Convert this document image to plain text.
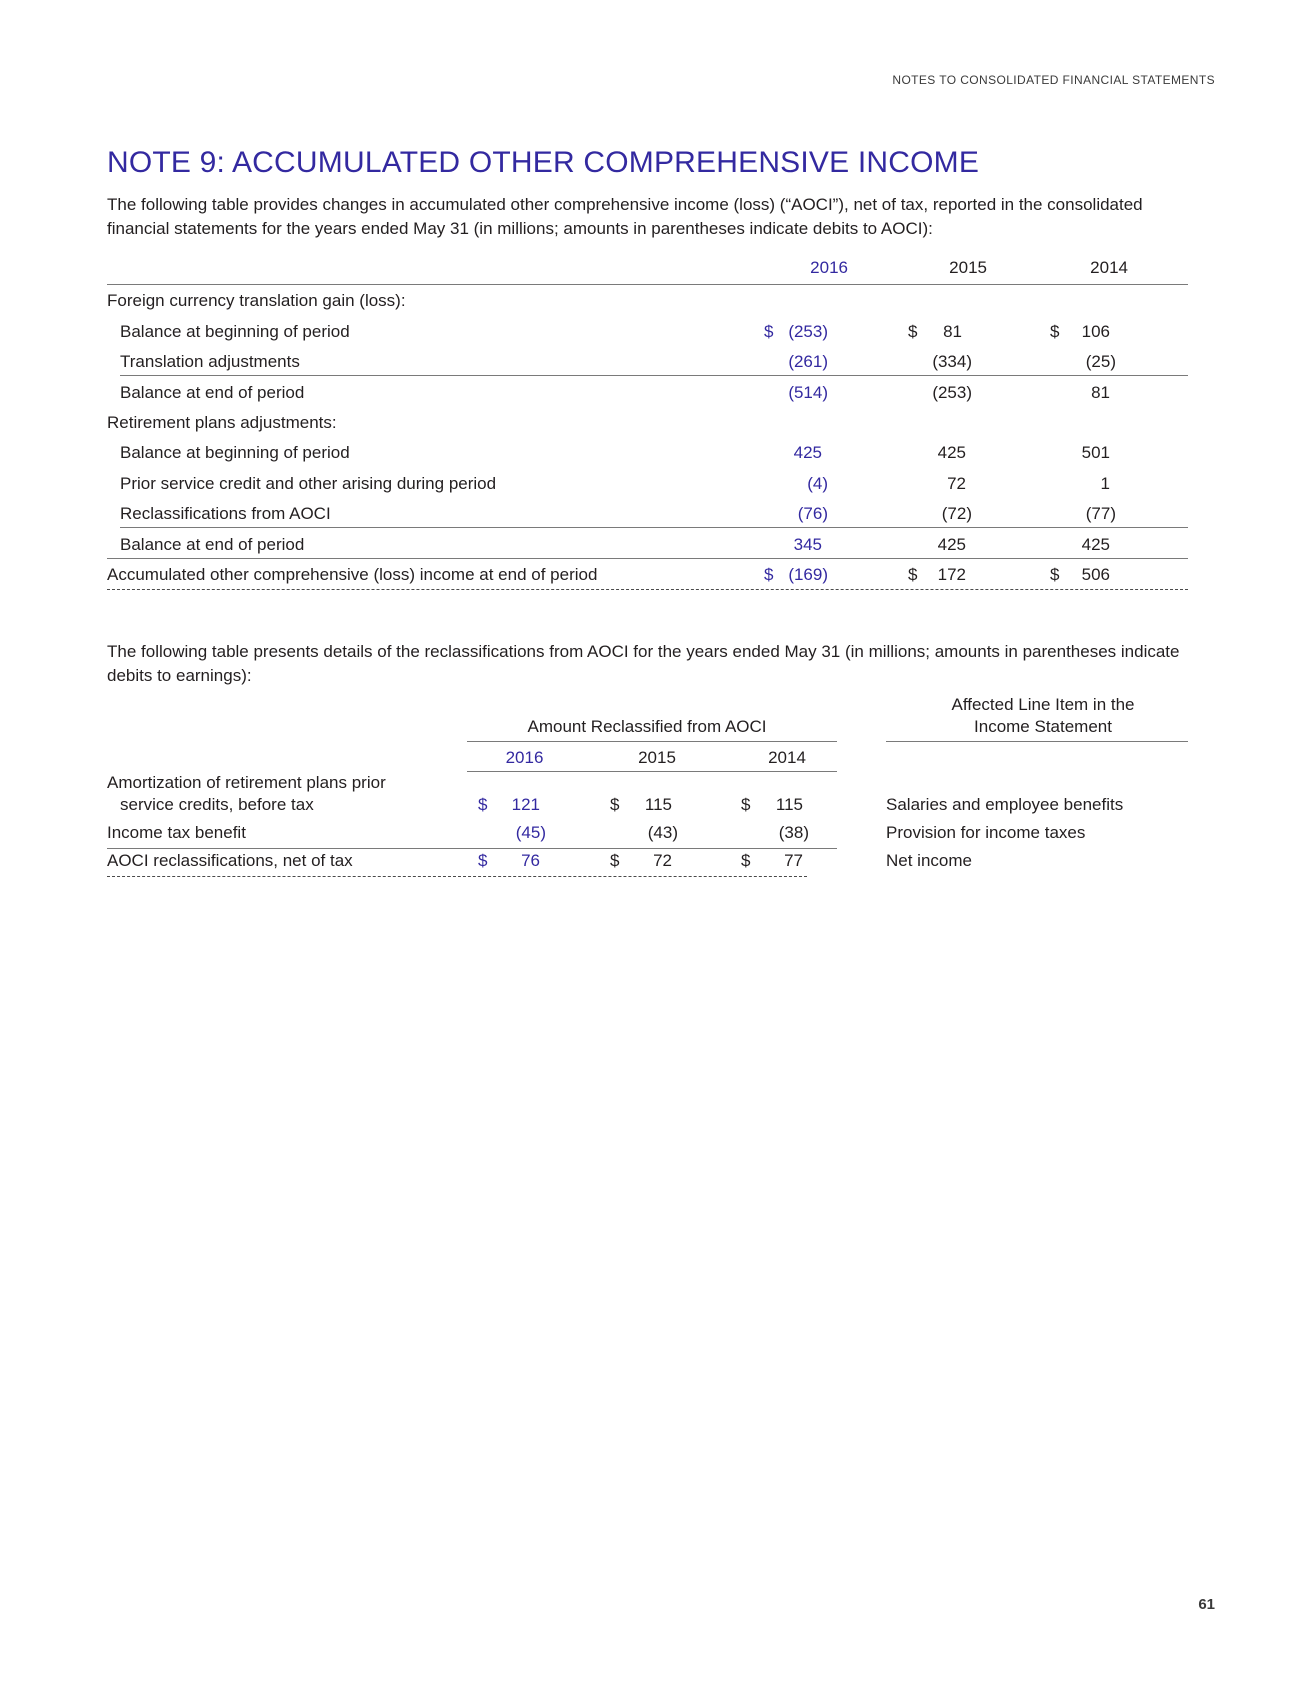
NOTES TO CONSOLIDATED FINANCIAL STATEMENTS
NOTE 9: ACCUMULATED OTHER COMPREHENSIVE INCOME

The following table provides changes in accumulated other comprehensive income (loss) (“AOCI”), net of tax, reported in the consolidated financial statements for the years ended May 31 (in millions; amounts in parentheses indicate debits to AOCI):

2016	2015	2014
Foreign currency translation gain (loss):
Balance at beginning of period	$ (253)	$ 81	$ 106
Translation adjustments	(261)	(334)	(25)
Balance at end of period	(514)	(253)	81
Retirement plans adjustments:
Balance at beginning of period	425	425	501
Prior service credit and other arising during period	(4)	72	1
Reclassifications from AOCI	(76)	(72)	(77)
Balance at end of period	345	425	425
Accumulated other comprehensive (loss) income at end of period	$ (169)	$ 172	$ 506

The following table presents details of the reclassifications from AOCI for the years ended May 31 (in millions; amounts in parentheses indicate debits to earnings):

Affected Line Item in the
Income Statement
Amount Reclassified from AOCI
2016	2015	2014
Amortization of retirement plans prior
service credits, before tax	$	121	$	115	$	115	Salaries and employee benefits
Income tax benefit	(45)	(43)	(38)	Provision for income taxes
AOCI reclassifications, net of tax	$	76	$	72	$	77	Net income
61
